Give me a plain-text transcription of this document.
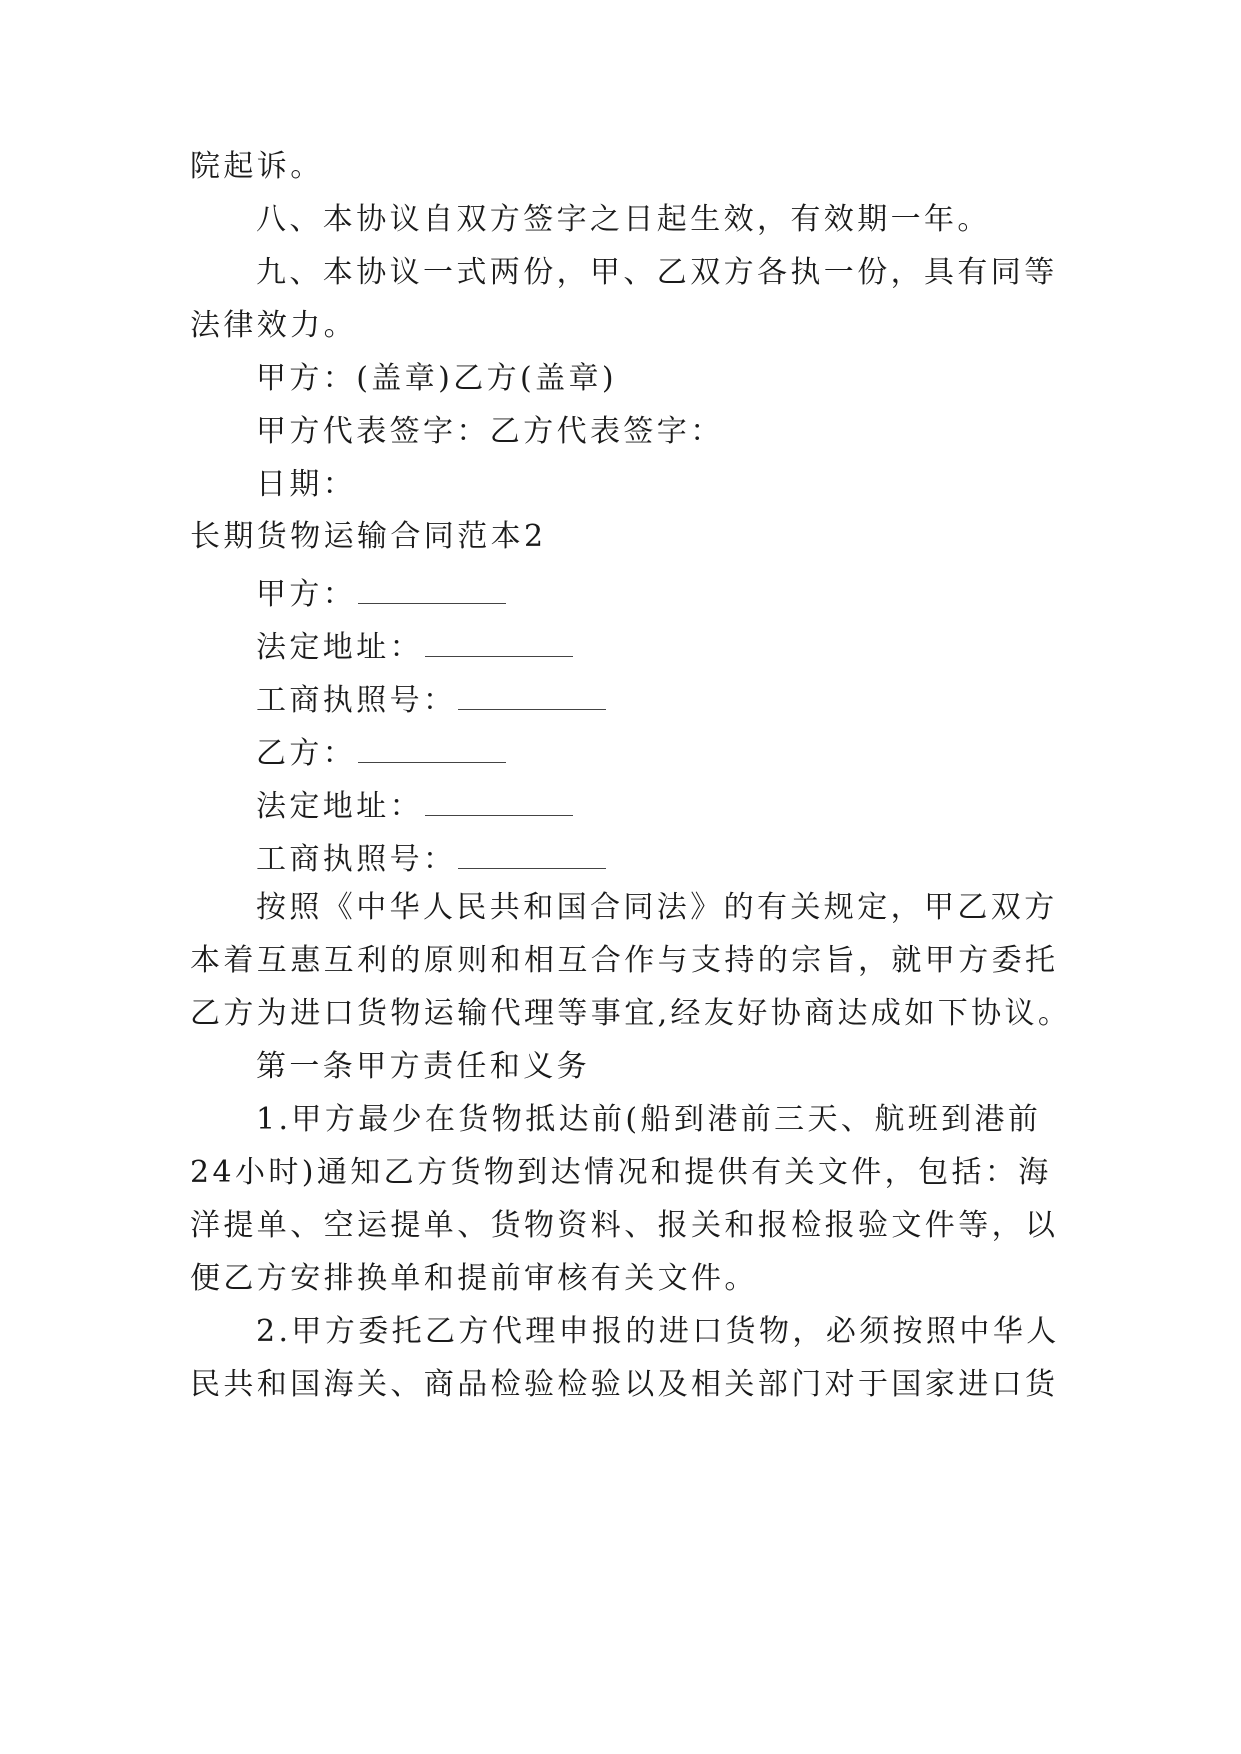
院起诉。
八、本协议自双方签字之日起生效，有效期一年。
九、本协议一式两份，甲、乙双方各执一份，具有同等
法律效力。
甲方：(盖章)乙方(盖章)
甲方代表签字：乙方代表签字：
日期：
长期货物运输合同范本2
甲方：
法定地址：
工商执照号：
乙方：
法定地址：
工商执照号：
按照《中华人民共和国合同法》的有关规定，甲乙双方
本着互惠互利的原则和相互合作与支持的宗旨，就甲方委托
乙方为进口货物运输代理等事宜,经友好协商达成如下协议。
第一条甲方责任和义务
1.甲方最少在货物抵达前(船到港前三天、航班到港前
24小时)通知乙方货物到达情况和提供有关文件，包括：海
洋提单、空运提单、货物资料、报关和报检报验文件等，以
便乙方安排换单和提前审核有关文件。
2.甲方委托乙方代理申报的进口货物，必须按照中华人
民共和国海关、商品检验检验以及相关部门对于国家进口货
